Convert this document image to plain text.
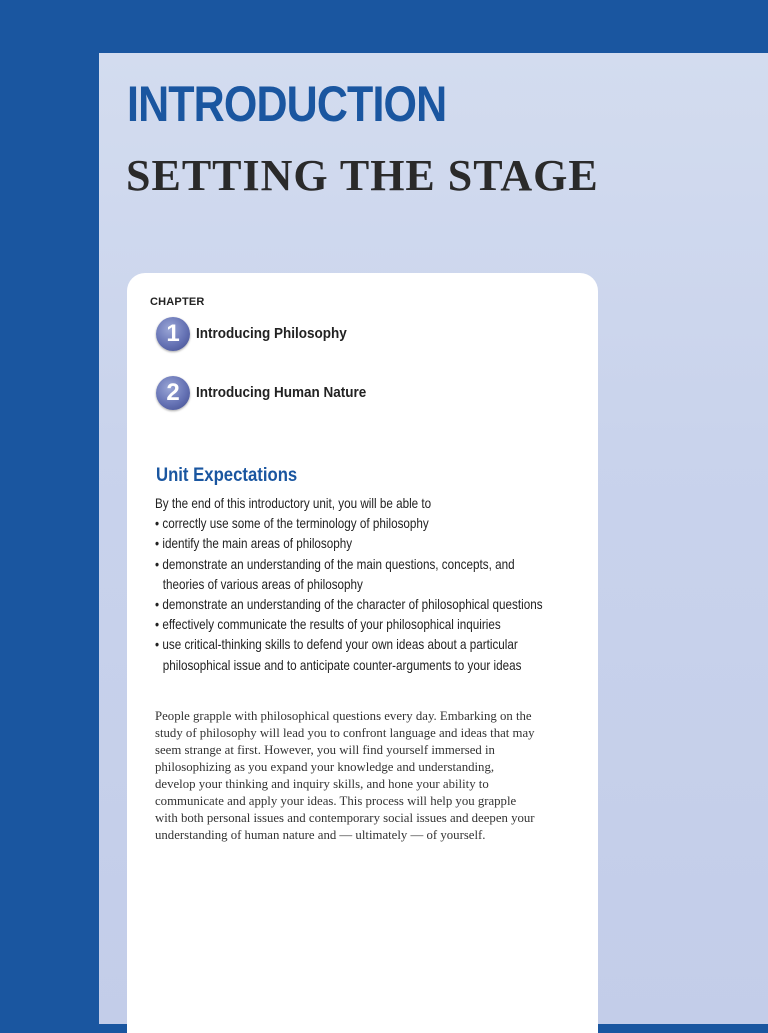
INTRODUCTION
SETTING THE STAGE
CHAPTER
1	Introducing Philosophy
2	Introducing Human Nature
Unit Expectations
By the end of this introductory unit, you will be able to
• correctly use some of the terminology of philosophy
• identify the main areas of philosophy
• demonstrate an understanding of the main questions, concepts, and theories of various areas of philosophy
• demonstrate an understanding of the character of philosophical questions
• effectively communicate the results of your philosophical inquiries
• use critical-thinking skills to defend your own ideas about a particular philosophical issue and to anticipate counter-arguments to your ideas

People grapple with philosophical questions every day. Embarking on the study of philosophy will lead you to confront language and ideas that may seem strange at first. However, you will find yourself immersed in philosophizing as you expand your knowledge and understanding, develop your thinking and inquiry skills, and hone your ability to communicate and apply your ideas. This process will help you grapple with both personal issues and contemporary social issues and deepen your understanding of human nature and — ultimately — of yourself.
